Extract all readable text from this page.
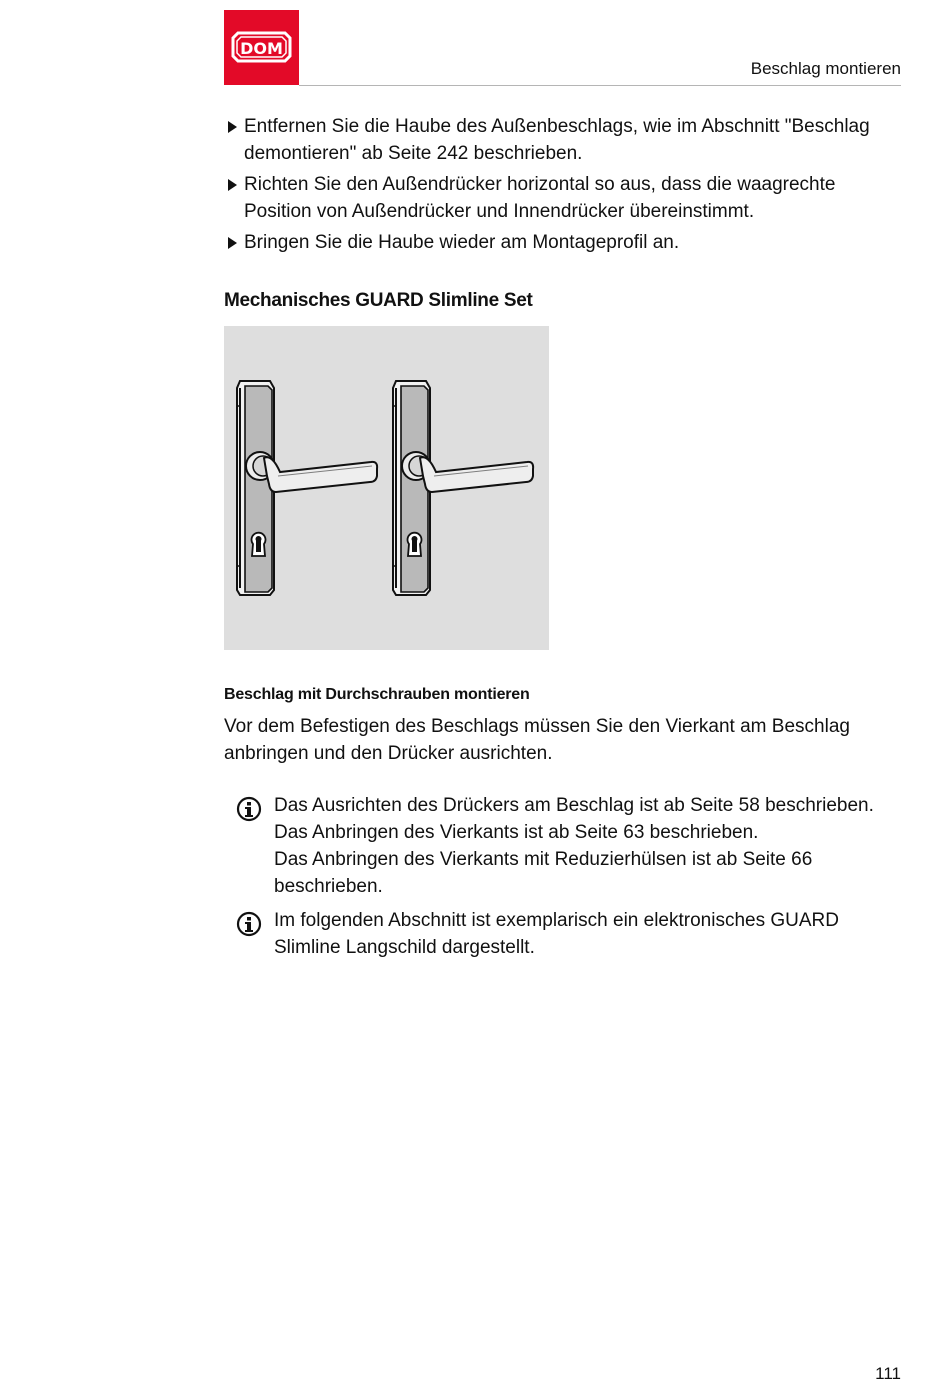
DOM
Beschlag montieren
Entfernen Sie die Haube des Außenbeschlags, wie im Abschnitt "Beschlag demontieren" ab Seite 242 beschrieben.
Richten Sie den Außendrücker horizontal so aus, dass die waagrechte Position von Außendrücker und Innendrücker übereinstimmt.
Bringen Sie die Haube wieder am Montageprofil an.
Mechanisches GUARD Slimline Set
Beschlag mit Durchschrauben montieren

Vor dem Befestigen des Beschlags müssen Sie den Vierkant am Beschlag anbringen und den Drücker ausrichten.

Das Ausrichten des Drückers am Beschlag ist ab Seite 58 beschrieben.
Das Anbringen des Vierkants ist ab Seite 63 beschrieben.
Das Anbringen des Vierkants mit Reduzierhülsen ist ab Seite 66 beschrieben.
Im folgenden Abschnitt ist exemplarisch ein elektronisches GUARD Slimline Langschild dargestellt.
111
